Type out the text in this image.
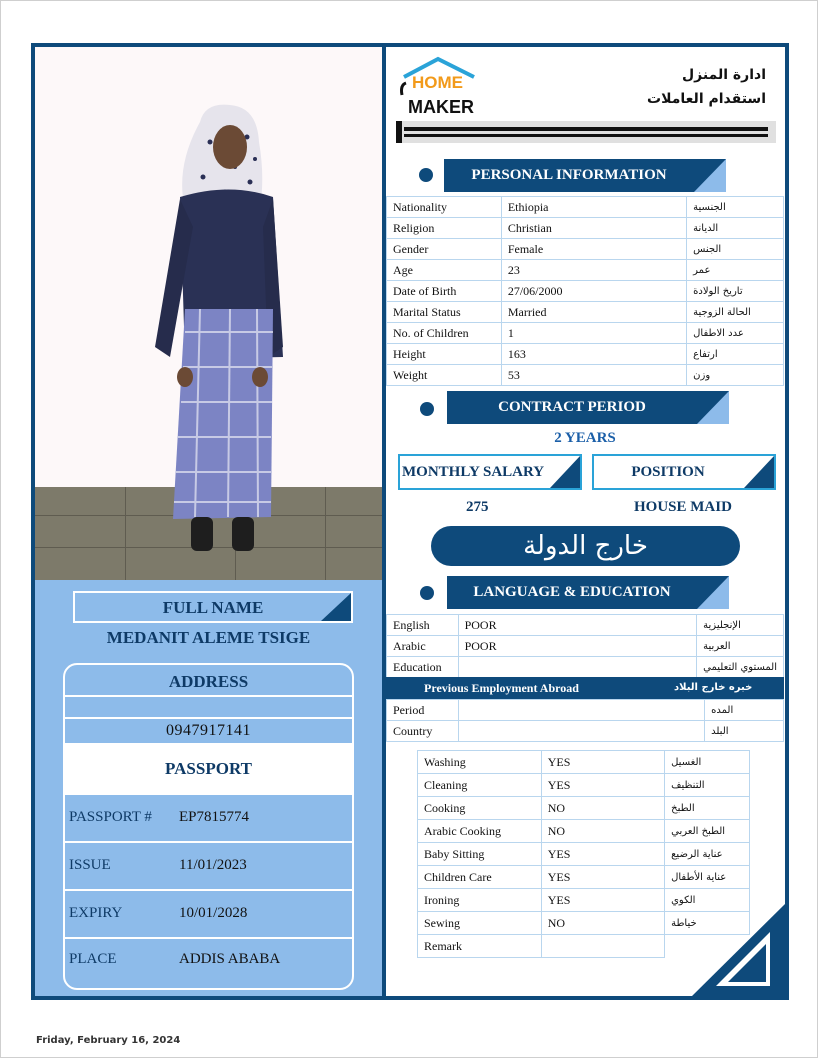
FULL NAME
MEDANIT ALEME TSIGE
ADDRESS
0947917141
PASSPORT
PASSPORT # EP7815774
ISSUE	11/01/2023
EXPIRY	10/01/2028
PLACE	ADDIS ABABA
HOME
MAKER
ادارة المنزل
استقدام العاملات
PERSONAL INFORMATION
Nationality	Ethiopia	الجنسية
Religion	Christian	الديانة
Gender	Female	الجنس
Age	23	عمر
Date of Birth	27/06/2000	تاريخ الولادة
Marital Status	Married	الحالة الزوجية
No. of Children	1	عدد الاطفال
Height	163	ارتفاع
Weight	53	وزن
CONTRACT PERIOD
2 YEARS
MONTHLY SALARY	POSITION
275	HOUSE MAID
خارج الدولة
LANGUAGE & EDUCATION
English	POOR	الإنجليزية
Arabic	POOR	العربية
Education		المستوي التعليمي
Previous Employment Abroad	خبره خارج البلاد
Period		المده
Country		البلد
Washing	YES	الغسيل
Cleaning	YES	التنظيف
Cooking	NO	الطبخ
Arabic Cooking	NO	الطبخ العربي
Baby Sitting	YES	عناية الرضيع
Children Care	YES	عناية الأطفال
Ironing	YES	الكوي
Sewing	NO	خياطة
Remark		
Friday, February 16, 2024
